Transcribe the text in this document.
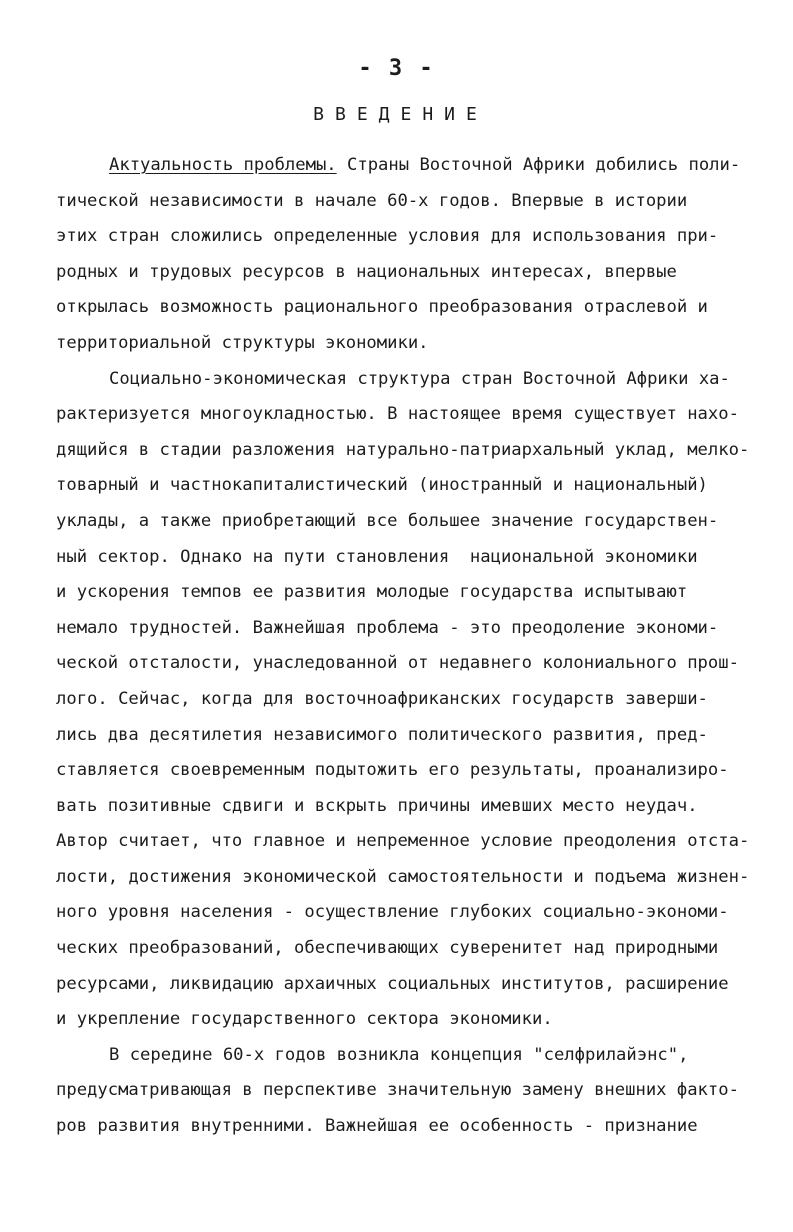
- 3 -
ВВЕДЕНИЕ
Актуальность проблемы. Страны Восточной Африки добились поли-
тической независимости в начале 60-х годов. Впервые в истории
этих стран сложились определенные условия для использования при-
родных и трудовых ресурсов в национальных интересах, впервые
открылась возможность рационального преобразования отраслевой и
территориальной структуры экономики.
Социально-экономическая структура стран Восточной Африки ха-
рактеризуется многоукладностью. В настоящее время существует нахо-
дящийся в стадии разложения натурально-патриархальный уклад, мелко-
товарный и частнокапиталистический (иностранный и национальный)
уклады, а также приобретающий все большее значение государствен-
ный сектор. Однако на пути становления  национальной экономики
и ускорения темпов ее развития молодые государства испытывают
немало трудностей. Важнейшая проблема - это преодоление экономи-
ческой отсталости, унаследованной от недавнего колониального прош-
лого. Сейчас, когда для восточноафриканских государств заверши-
лись два десятилетия независимого политического развития, пред-
ставляется своевременным подытожить его результаты, проанализиро-
вать позитивные сдвиги и вскрыть причины имевших место неудач.
Автор считает, что главное и непременное условие преодоления отста-
лости, достижения экономической самостоятельности и подъема жизнен-
ного уровня населения - осуществление глубоких социально-экономи-
ческих преобразований, обеспечивающих суверенитет над природными
ресурсами, ликвидацию архаичных социальных институтов, расширение
и укрепление государственного сектора экономики.
В середине 60-х годов возникла концепция "селфрилайэнс",
предусматривающая в перспективе значительную замену внешних факто-
ров развития внутренними. Важнейшая ее особенность - признание
